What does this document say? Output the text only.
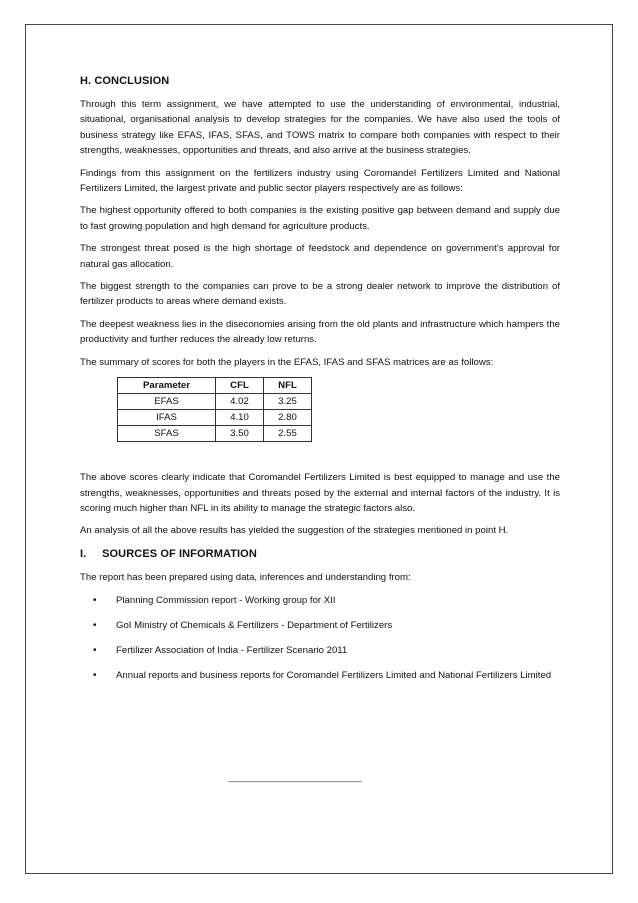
H. CONCLUSION

Through this term assignment, we have attempted to use the understanding of environmental, industrial, situational, organisational analysis to develop strategies for the companies. We have also used the tools of business strategy like EFAS, IFAS, SFAS, and TOWS matrix to compare both companies with respect to their strengths, weaknesses, opportunities and threats, and also arrive at the business strategies.

Findings from this assignment on the fertilizers industry using Coromandel Fertilizers Limited and National Fertilizers Limited, the largest private and public sector players respectively are as follows:

The highest opportunity offered to both companies is the existing positive gap between demand and supply due to fast growing population and high demand for agriculture products.

The strongest threat posed is the high shortage of feedstock and dependence on government’s approval for natural gas allocation.

The biggest strength to the companies can prove to be a strong dealer network to improve the distribution of fertilizer products to areas where demand exists.

The deepest weakness lies in the diseconomies arising from the old plants and infrastructure which hampers the productivity and further reduces the already low returns.

The summary of scores for both the players in the EFAS, IFAS and SFAS matrices are as follows:

Parameter	CFL	NFL
EFAS	4.02	3.25
IFAS	4.10	2.80
SFAS	3.50	2.55

The above scores clearly indicate that Coromandel Fertilizers Limited is best equipped to manage and use the strengths, weaknesses, opportunities and threats posed by the external and internal factors of the industry. It is scoring much higher than NFL in its ability to manage the strategic factors also.

An analysis of all the above results has yielded the suggestion of the strategies mentioned in point H.

I.     SOURCES OF INFORMATION

The report has been prepared using data, inferences and understanding from:

• Planning Commission report - Working group for XII
• GoI Ministry of Chemicals & Fertilizers - Department of Fertilizers
• Fertilizer Association of India - Fertilizer Scenario 2011
• Annual reports and business reports for Coromandel Fertilizers Limited and National Fertilizers Limited
-------------------------------------------------------------------------
